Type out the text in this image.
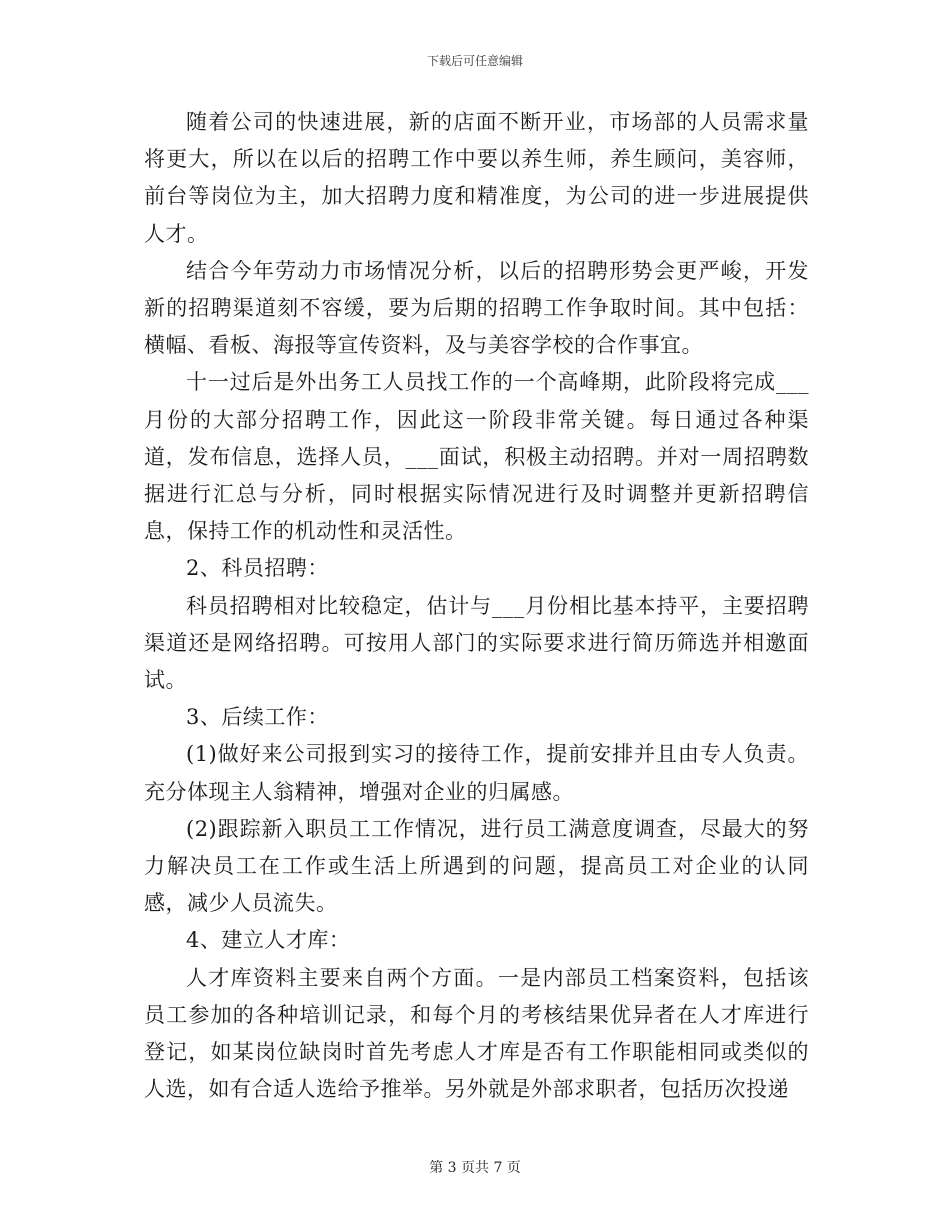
下载后可任意编辑

随着公司的快速进展，新的店面不断开业，市场部的人员需求量将更大，所以在以后的招聘工作中要以养生师，养生顾问，美容师，前台等岗位为主，加大招聘力度和精准度，为公司的进一步进展提供人才。

结合今年劳动力市场情况分析，以后的招聘形势会更严峻，开发新的招聘渠道刻不容缓，要为后期的招聘工作争取时间。其中包括：横幅、看板、海报等宣传资料，及与美容学校的合作事宜。

十一过后是外出务工人员找工作的一个高峰期，此阶段将完成___月份的大部分招聘工作，因此这一阶段非常关键。每日通过各种渠道，发布信息，选择人员，___面试，积极主动招聘。并对一周招聘数据进行汇总与分析，同时根据实际情况进行及时调整并更新招聘信息，保持工作的机动性和灵活性。

2、科员招聘：

科员招聘相对比较稳定，估计与___月份相比基本持平，主要招聘渠道还是网络招聘。可按用人部门的实际要求进行简历筛选并相邀面试。

3、后续工作：

(1)做好来公司报到实习的接待工作，提前安排并且由专人负责。充分体现主人翁精神，增强对企业的归属感。

(2)跟踪新入职员工工作情况，进行员工满意度调查，尽最大的努力解决员工在工作或生活上所遇到的问题，提高员工对企业的认同感，减少人员流失。

4、建立人才库：

人才库资料主要来自两个方面。一是内部员工档案资料，包括该员工参加的各种培训记录，和每个月的考核结果优异者在人才库进行登记，如某岗位缺岗时首先考虑人才库是否有工作职能相同或类似的人选，如有合适人选给予推举。另外就是外部求职者，包括历次投递

第 3 页共 7 页
